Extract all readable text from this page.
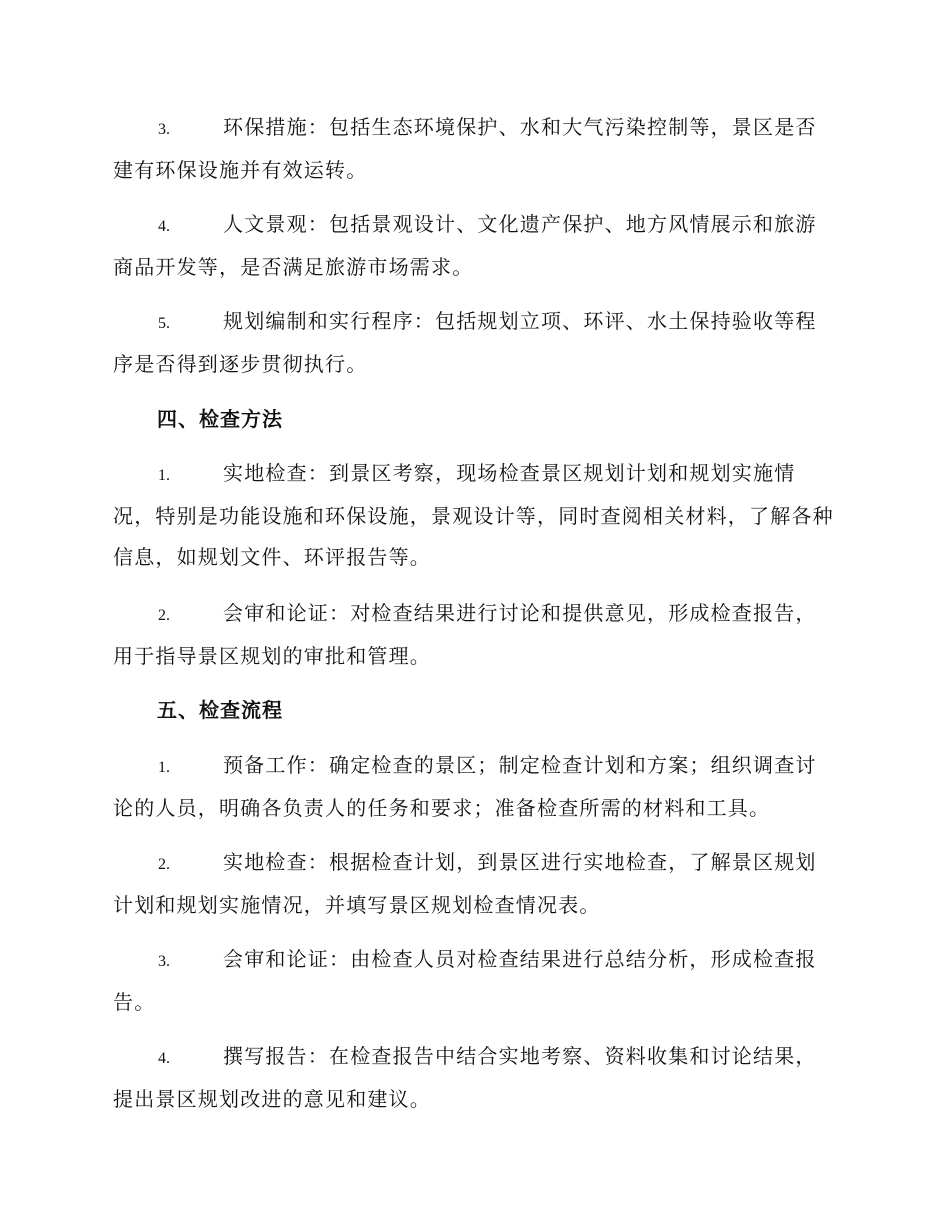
3.	环保措施：包括生态环境保护、水和大气污染控制等，景区是否建有环保设施并有效运转。

4.	人文景观：包括景观设计、文化遗产保护、地方风情展示和旅游商品开发等，是否满足旅游市场需求。

5.	规划编制和实行程序：包括规划立项、环评、水土保持验收等程序是否得到逐步贯彻执行。

四、检查方法

1.	实地检查：到景区考察，现场检查景区规划计划和规划实施情况，特别是功能设施和环保设施，景观设计等，同时查阅相关材料，了解各种信息，如规划文件、环评报告等。

2.	会审和论证：对检查结果进行讨论和提供意见，形成检查报告，用于指导景区规划的审批和管理。

五、检查流程

1.	预备工作：确定检查的景区；制定检查计划和方案；组织调查讨论的人员，明确各负责人的任务和要求；准备检查所需的材料和工具。

2.	实地检查：根据检查计划，到景区进行实地检查，了解景区规划计划和规划实施情况，并填写景区规划检查情况表。

3.	会审和论证：由检查人员对检查结果进行总结分析，形成检查报告。

4.	撰写报告：在检查报告中结合实地考察、资料收集和讨论结果，提出景区规划改进的意见和建议。
